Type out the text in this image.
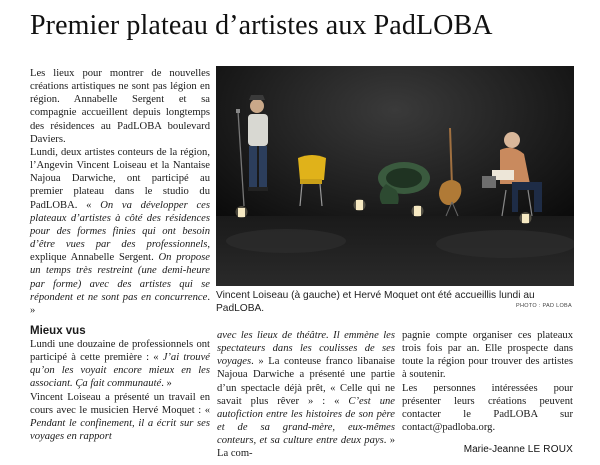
Premier plateau d’artistes aux PadLOBA

Les lieux pour montrer de nouvelles créations artistiques ne sont pas légion en région. Annabelle Sergent et sa compagnie accueillent depuis longtemps des résidences au PadLOBA boulevard Daviers.

Lundi, deux artistes conteurs de la région, l’Angevin Vincent Loiseau et la Nantaise Najoua Darwiche, ont participé au premier plateau dans le studio du PadLOBA. « On va développer ces plateaux d’artistes à côté des résidences pour des formes finies qui ont besoin d’être vues par des professionnels, explique Annabelle Sergent. On propose un temps très restreint (une demi-heure par forme) avec des artistes qui se répondent et ne sont pas en concurrence. »

Mieux vus

Lundi une douzaine de professionnels ont participé à cette première : « J’ai trouvé qu’on les voyait encore mieux en les associant. Ça fait communauté. »

Vincent Loiseau a présenté un travail en cours avec le musicien Hervé Moquet : « Pendant le confinement, il a écrit sur ses voyages en rapport

avec les lieux de théâtre. Il emmène les spectateurs dans les coulisses de ses voyages. » La conteuse franco libanaise Najoua Darwiche a présenté une partie d’un spectacle déjà prêt, « Celle qui ne savait plus rêver » : « C’est une autofiction entre les histoires de son père et de sa grand-mère, eux-mêmes conteurs, et sa culture entre deux pays. » La com-

pagnie compte organiser ces plateaux trois fois par an. Elle prospecte dans toute la région pour trouver des artistes à soutenir.

Les personnes intéressées pour présenter leurs créations peuvent contacter le PadLOBA sur contact@padloba.org.

Vincent Loiseau (à gauche) et Hervé Moquet ont été accueillis lundi au PadLOBA.	PHOTO : PAD LOBA
Marie-Jeanne LE ROUX
